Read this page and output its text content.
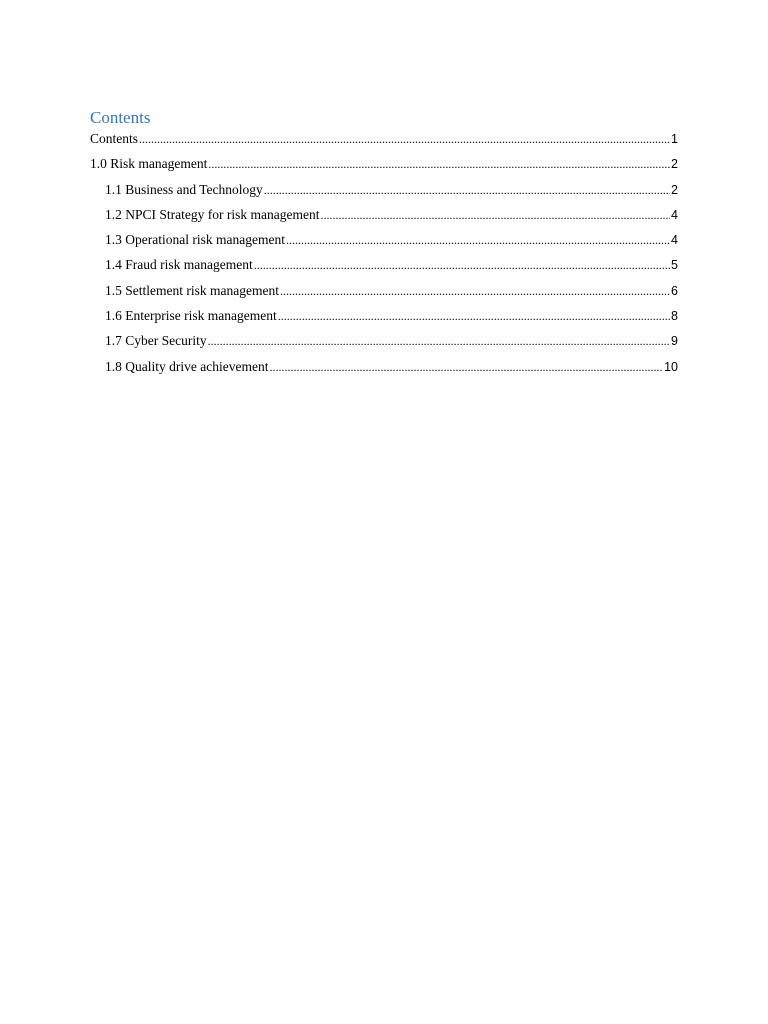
Contents
Contents .....	1
1.0 Risk management .....	2
1.1 Business and Technology .....	2
1.2 NPCI Strategy for risk management .....	4
1.3 Operational risk management .....	4
1.4 Fraud risk management .....	5
1.5 Settlement risk management .....	6
1.6 Enterprise risk management .....	8
1.7 Cyber Security .....	9
1.8 Quality drive achievement .....	10
